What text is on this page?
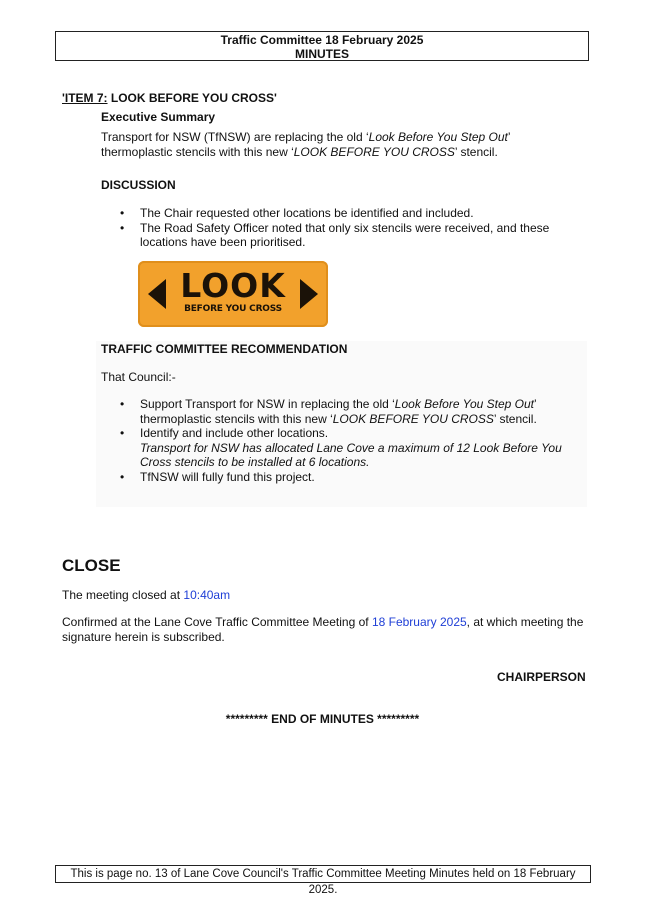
Traffic Committee 18 February 2025
MINUTES
'ITEM 7: LOOK BEFORE YOU CROSS'
Executive Summary
Transport for NSW (TfNSW) are replacing the old ‘Look Before You Step Out’ thermoplastic stencils with this new ‘LOOK BEFORE YOU CROSS’ stencil.
DISCUSSION
• The Chair requested other locations be identified and included.
• The Road Safety Officer noted that only six stencils were received, and these locations have been prioritised.
LOOK
BEFORE YOU CROSS
TRAFFIC COMMITTEE RECOMMENDATION
That Council:-
• Support Transport for NSW in replacing the old ‘Look Before You Step Out’ thermoplastic stencils with this new ‘LOOK BEFORE YOU CROSS’ stencil.
• Identify and include other locations.
Transport for NSW has allocated Lane Cove a maximum of 12 Look Before You Cross stencils to be installed at 6 locations.
• TfNSW will fully fund this project.
CLOSE
The meeting closed at 10:40am
Confirmed at the Lane Cove Traffic Committee Meeting of 18 February 2025, at which meeting the signature herein is subscribed.
CHAIRPERSON
********* END OF MINUTES *********
This is page no. 13 of Lane Cove Council's Traffic Committee Meeting Minutes held on 18 February 2025.
